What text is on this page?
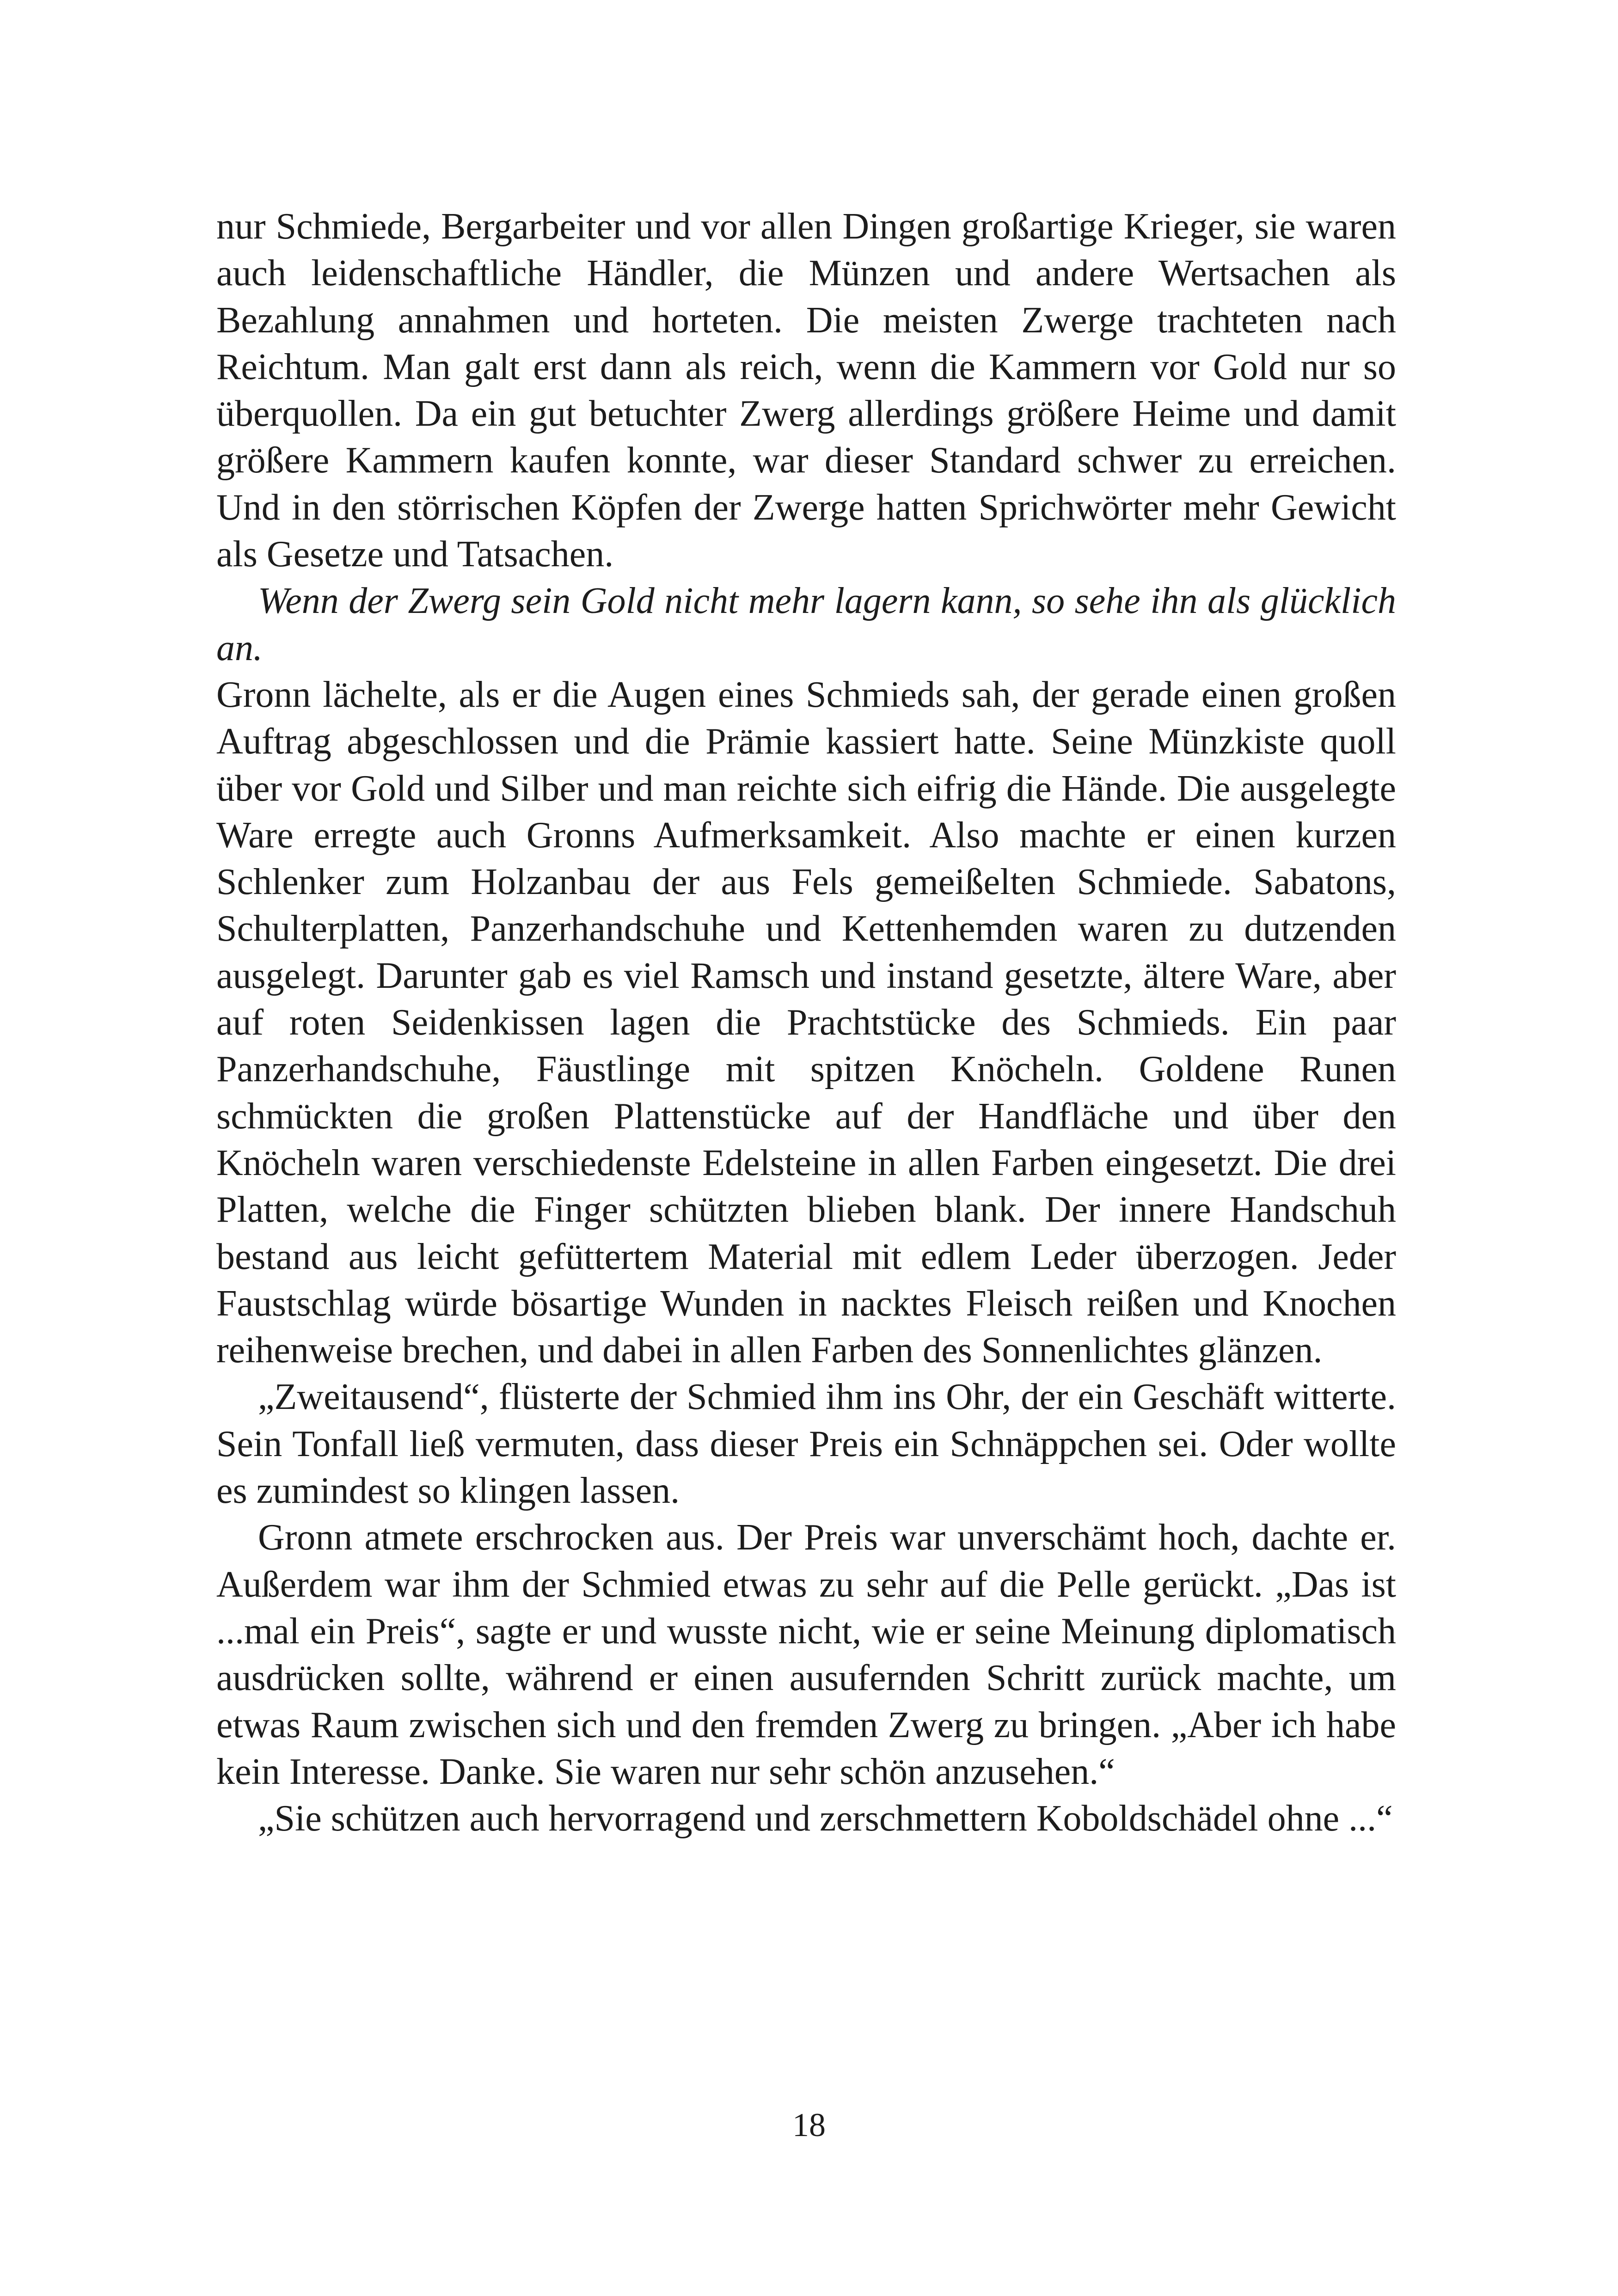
nur Schmiede, Bergarbeiter und vor allen Dingen großartige Krieger, sie waren auch leidenschaftliche Händler, die Münzen und andere Wertsachen als Bezahlung annahmen und horteten. Die meisten Zwerge trachteten nach Reichtum. Man galt erst dann als reich, wenn die Kammern vor Gold nur so überquollen. Da ein gut betuchter Zwerg allerdings größere Heime und damit größere Kammern kaufen konnte, war dieser Standard schwer zu erreichen. Und in den störrischen Köpfen der Zwerge hatten Sprichwörter mehr Gewicht als Gesetze und Tatsachen.

Wenn der Zwerg sein Gold nicht mehr lagern kann, so sehe ihn als glücklich an.

Gronn lächelte, als er die Augen eines Schmieds sah, der gerade einen großen Auftrag abgeschlossen und die Prämie kassiert hatte. Seine Münzkiste quoll über vor Gold und Silber und man reichte sich eifrig die Hände. Die ausgelegte Ware erregte auch Gronns Aufmerksamkeit. Also machte er einen kurzen Schlenker zum Holzanbau der aus Fels gemeißelten Schmiede. Sabatons, Schulterplatten, Panzerhandschuhe und Kettenhemden waren zu dutzenden ausgelegt. Darunter gab es viel Ramsch und instand gesetzte, ältere Ware, aber auf roten Seidenkissen lagen die Prachtstücke des Schmieds. Ein paar Panzerhandschuhe, Fäustlinge mit spitzen Knöcheln. Goldene Runen schmückten die großen Plattenstücke auf der Handfläche und über den Knöcheln waren verschiedenste Edelsteine in allen Farben eingesetzt. Die drei Platten, welche die Finger schützten blieben blank. Der innere Handschuh bestand aus leicht gefüttertem Material mit edlem Leder überzogen. Jeder Faustschlag würde bösartige Wunden in nacktes Fleisch reißen und Knochen reihenweise brechen, und dabei in allen Farben des Sonnenlichtes glänzen.

„Zweitausend“, flüsterte der Schmied ihm ins Ohr, der ein Geschäft witterte. Sein Tonfall ließ vermuten, dass dieser Preis ein Schnäppchen sei. Oder wollte es zumindest so klingen lassen.

Gronn atmete erschrocken aus. Der Preis war unverschämt hoch, dachte er. Außerdem war ihm der Schmied etwas zu sehr auf die Pelle gerückt. „Das ist ...mal ein Preis“, sagte er und wusste nicht, wie er seine Meinung diplomatisch ausdrücken sollte, während er einen ausufernden Schritt zurück machte, um etwas Raum zwischen sich und den fremden Zwerg zu bringen. „Aber ich habe kein Interesse. Danke. Sie waren nur sehr schön anzusehen.“

„Sie schützen auch hervorragend und zerschmettern Koboldschädel ohne ...“

18
